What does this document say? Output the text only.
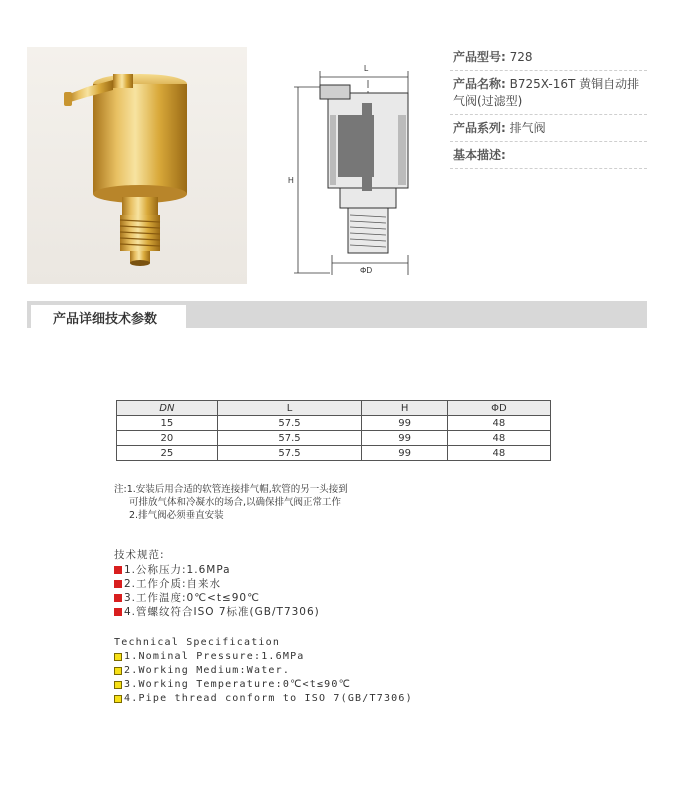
L
H
ΦD
产品型号: 728
产品名称: B725X-16T 黄铜自动排气阀(过滤型)
产品系列: 排气阀
基本描述:
产品详细技术参数
DN	L	H	ΦD
15	57.5	99	48
20	57.5	99	48
25	57.5	99	48
注:1.安装后用合适的软管连接排气帽,软管的另一头接到
可排放气体和冷凝水的场合,以确保排气阀正常工作
2.排气阀必须垂直安装
技术规范:
1.公称压力:1.6MPa
2.工作介质:自来水
3.工作温度:0℃<t≤90℃
4.管螺纹符合ISO 7标准(GB/T7306)
Technical Specification
1.Nominal Pressure:1.6MPa
2.Working Medium:Water.
3.Working Temperature:0℃<t≤90℃
4.Pipe thread conform to ISO 7(GB/T7306)
